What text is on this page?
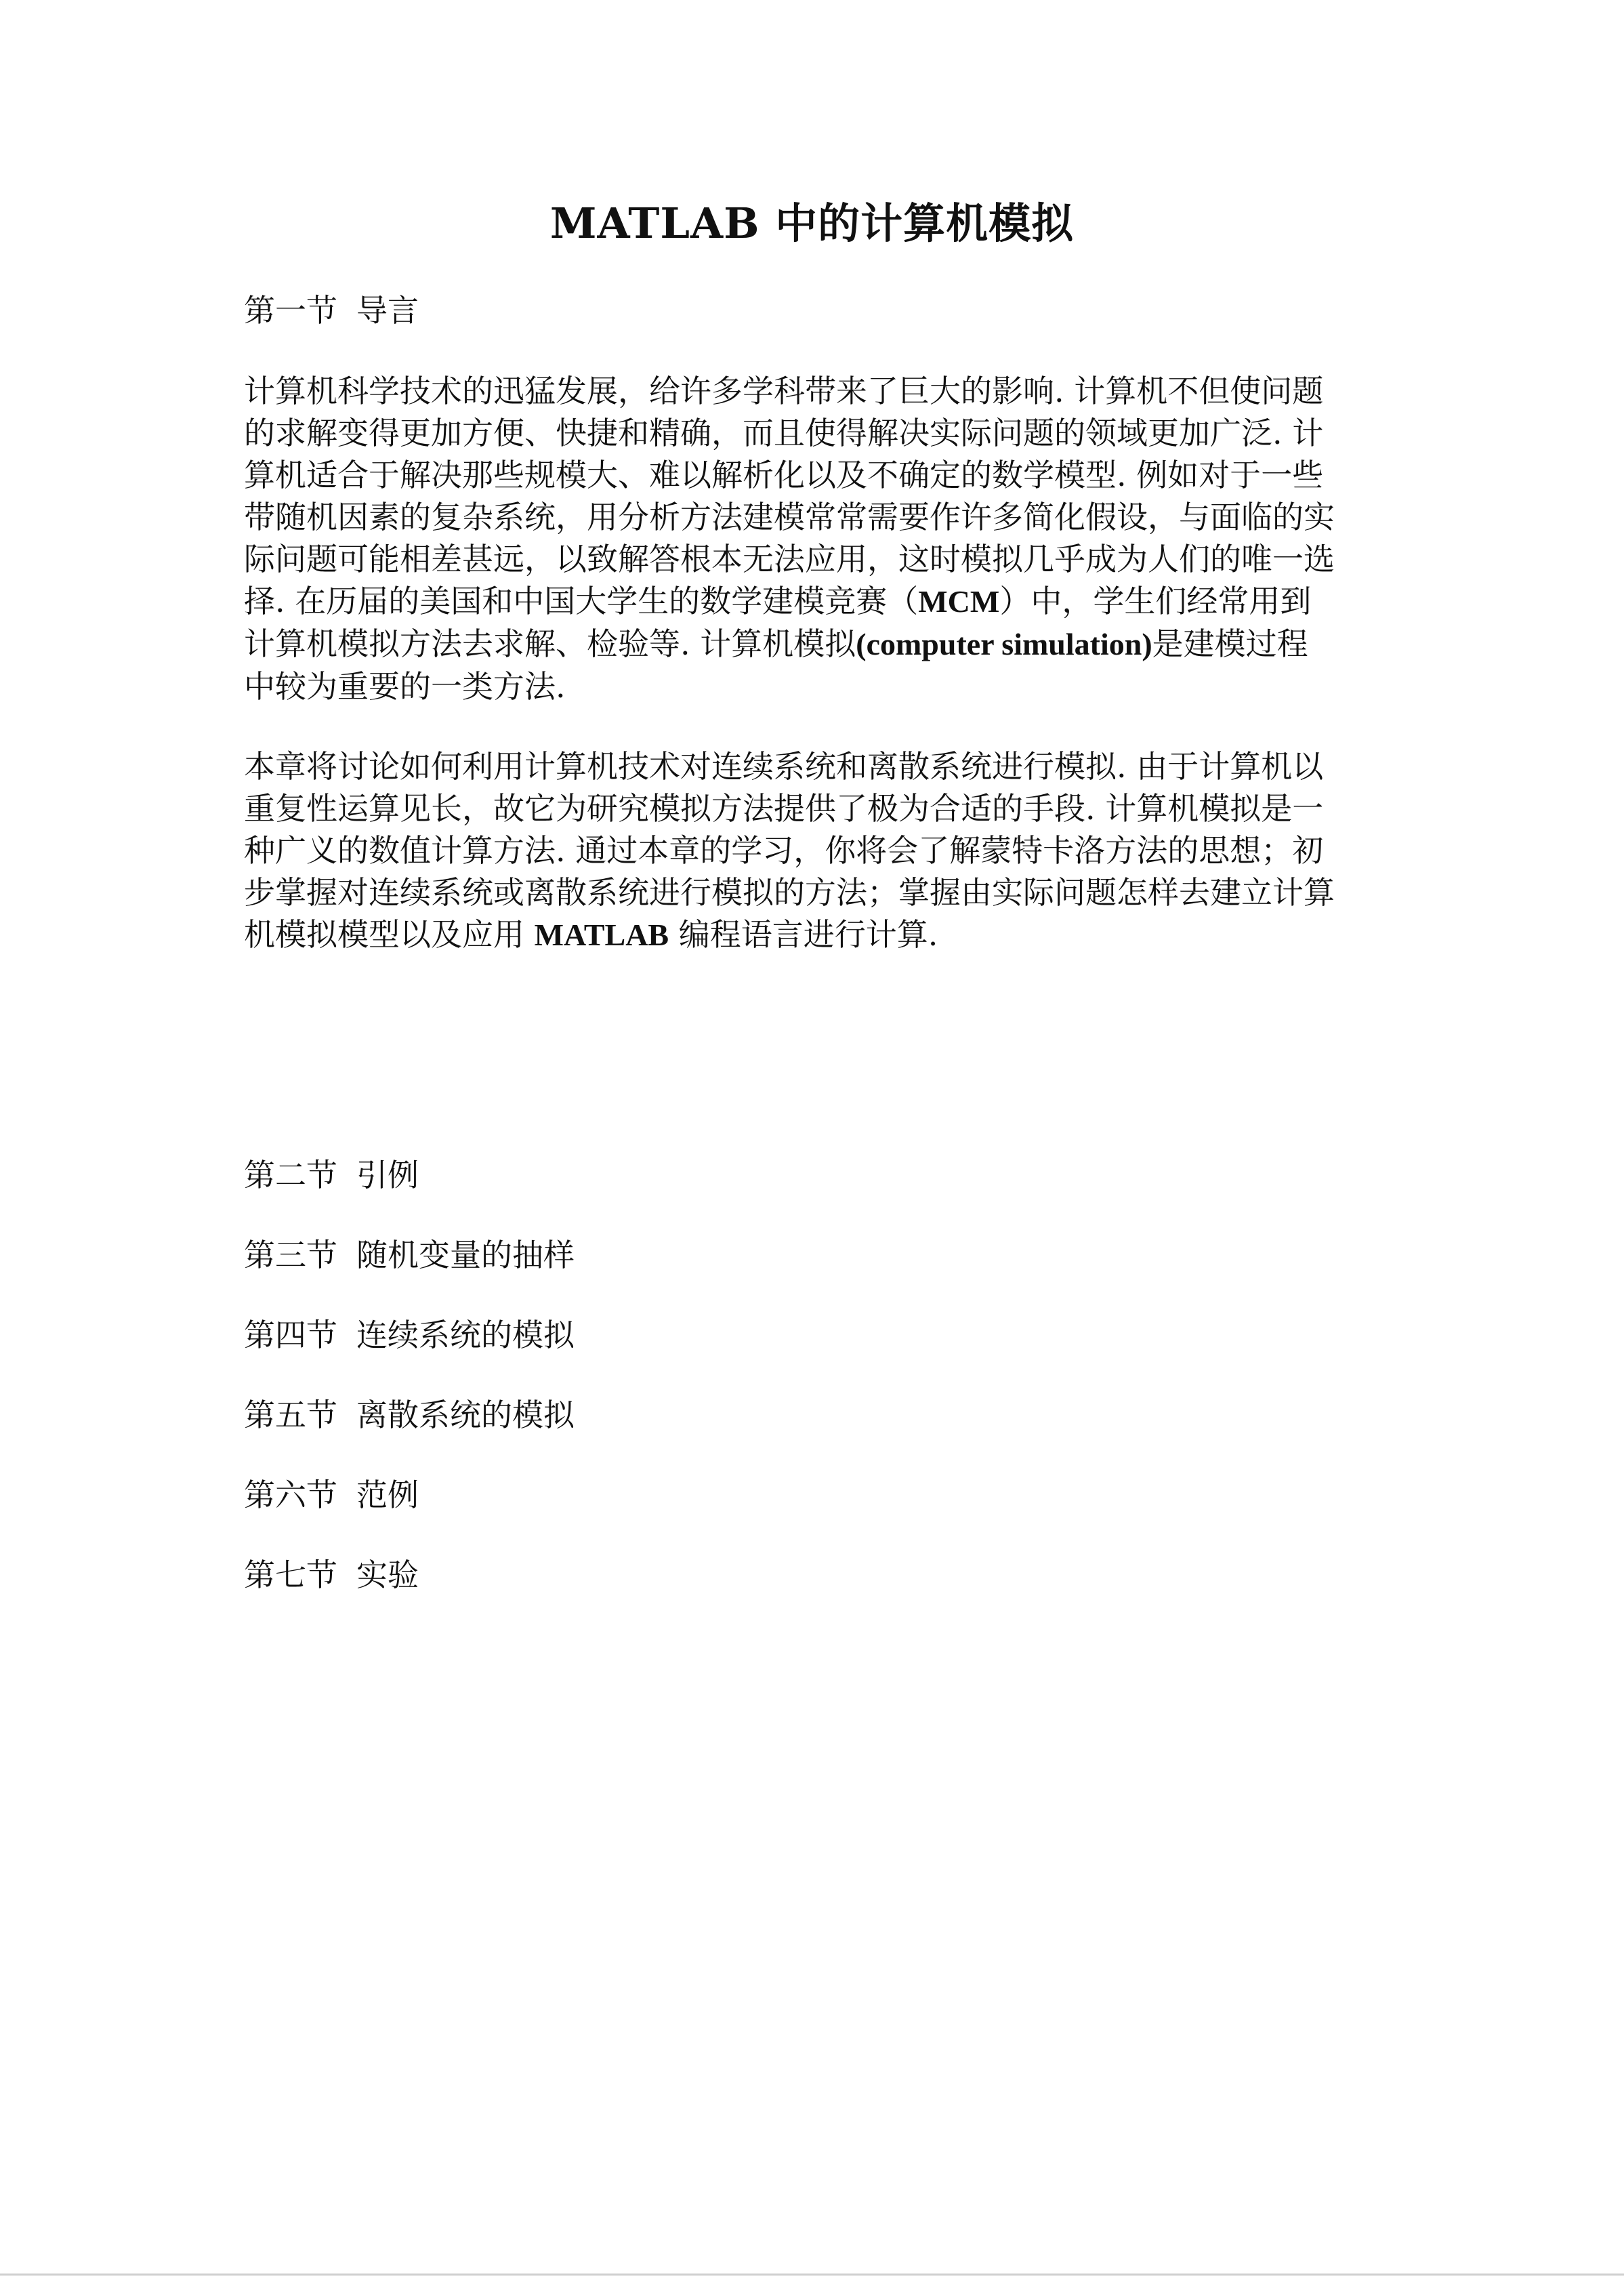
MATLAB 中的计算机模拟
第一节 导言
计算机科学技术的迅猛发展，给许多学科带来了巨大的影响. 计算机不但使问题
的求解变得更加方便、快捷和精确，而且使得解决实际问题的领域更加广泛. 计
算机适合于解决那些规模大、难以解析化以及不确定的数学模型. 例如对于一些
带随机因素的复杂系统，用分析方法建模常常需要作许多简化假设，与面临的实
际问题可能相差甚远，以致解答根本无法应用，这时模拟几乎成为人们的唯一选
择. 在历届的美国和中国大学生的数学建模竞赛（MCM）中，学生们经常用到
计算机模拟方法去求解、检验等. 计算机模拟(computer simulation)是建模过程
中较为重要的一类方法.
本章将讨论如何利用计算机技术对连续系统和离散系统进行模拟. 由于计算机以
重复性运算见长，故它为研究模拟方法提供了极为合适的手段. 计算机模拟是一
种广义的数值计算方法. 通过本章的学习，你将会了解蒙特卡洛方法的思想；初
步掌握对连续系统或离散系统进行模拟的方法；掌握由实际问题怎样去建立计算
机模拟模型以及应用 MATLAB 编程语言进行计算.
第二节 引例
第三节 随机变量的抽样
第四节 连续系统的模拟
第五节 离散系统的模拟
第六节 范例
第七节 实验
